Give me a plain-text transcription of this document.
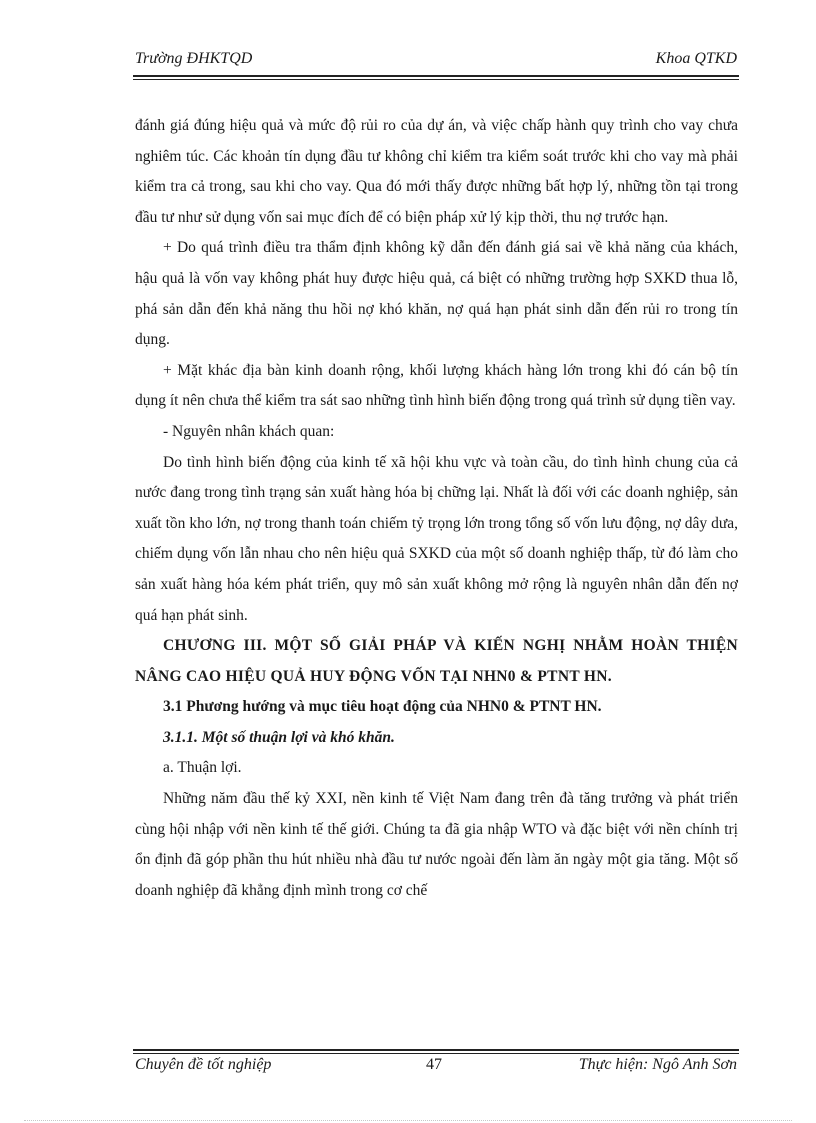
Trường ĐHKTQD	Khoa QTKD

đánh giá đúng hiệu quả và mức độ rủi ro của dự án, và việc chấp hành quy trình cho vay chưa nghiêm túc. Các khoản tín dụng đầu tư không chỉ kiểm tra kiểm soát trước khi cho vay mà phải kiểm tra cả trong, sau khi cho vay. Qua đó mới thấy được những bất hợp lý, những tồn tại trong đầu tư như sử dụng vốn sai mục đích để có biện pháp xử lý kịp thời, thu nợ trước hạn.

+ Do quá trình điều tra thẩm định không kỹ dẫn đến đánh giá sai về khả năng của khách, hậu quả là vốn vay không phát huy được hiệu quả, cá biệt có những trường hợp SXKD thua lỗ, phá sản dẫn đến khả năng thu hồi nợ khó khăn, nợ quá hạn phát sinh dẫn đến rủi ro trong tín dụng.

+ Mặt khác địa bàn kinh doanh rộng, khối lượng khách hàng lớn trong khi đó cán bộ tín dụng ít nên chưa thể kiểm tra sát sao những tình hình biến động trong quá trình sử dụng tiền vay.

- Nguyên nhân khách quan:

Do tình hình biến động của kinh tế xã hội khu vực và toàn cầu, do tình hình chung của cả nước đang trong tình trạng sản xuất hàng hóa bị chững lại. Nhất là đối với các doanh nghiệp, sản xuất tồn kho lớn, nợ trong thanh toán chiếm tỷ trọng lớn trong tổng số vốn lưu động, nợ dây dưa, chiếm dụng vốn lẫn nhau cho nên hiệu quả SXKD của một số doanh nghiệp thấp, từ đó làm cho sản xuất hàng hóa kém phát triển, quy mô sản xuất không mở rộng là nguyên nhân dẫn đến nợ quá hạn phát sinh.

CHƯƠNG III. MỘT SỐ GIẢI PHÁP VÀ KIẾN NGHỊ NHẰM HOÀN THIỆN NÂNG CAO HIỆU QUẢ HUY ĐỘNG VỐN TẠI NHN0 & PTNT HN.

3.1 Phương hướng và mục tiêu hoạt động của NHN0 & PTNT HN.

3.1.1. Một số thuận lợi và khó khăn.

a. Thuận lợi.

Những năm đầu thế kỷ XXI, nền kinh tế Việt Nam đang trên đà tăng trưởng và phát triển cùng hội nhập với nền kinh tế thế giới. Chúng ta đã gia nhập WTO và đặc biệt với nền chính trị ổn định đã góp phần thu hút nhiều nhà đầu tư nước ngoài đến làm ăn ngày một gia tăng. Một số doanh nghiệp đã khẳng định mình trong cơ chế

Chuyên đề tốt nghiệp	47	Thực hiện: Ngô Anh Sơn
